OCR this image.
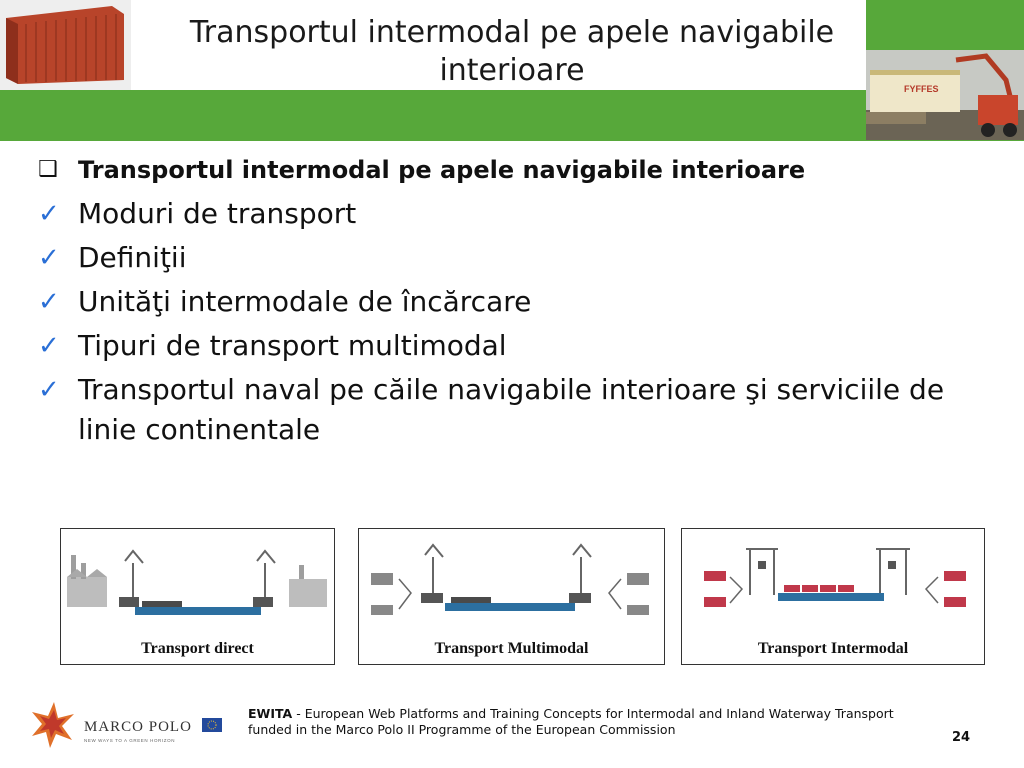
Transportul intermodal pe apele navigabile interioare
FYFFES
❑ Transportul intermodal pe apele navigabile interioare
✓ Moduri de transport
✓ Definiţii
✓ Unităţi intermodale de încărcare
✓ Tipuri de transport multimodal
✓ Transportul naval pe căile navigabile interioare şi serviciile de linie continentale
Transport direct	Transport Multimodal	Transport Intermodal
MARCO POLO
NEW WAYS TO A GREEN HORIZON
EWITA - European Web Platforms and Training Concepts for Intermodal and Inland Waterway Transport funded in the Marco Polo II Programme of the European Commission
24
